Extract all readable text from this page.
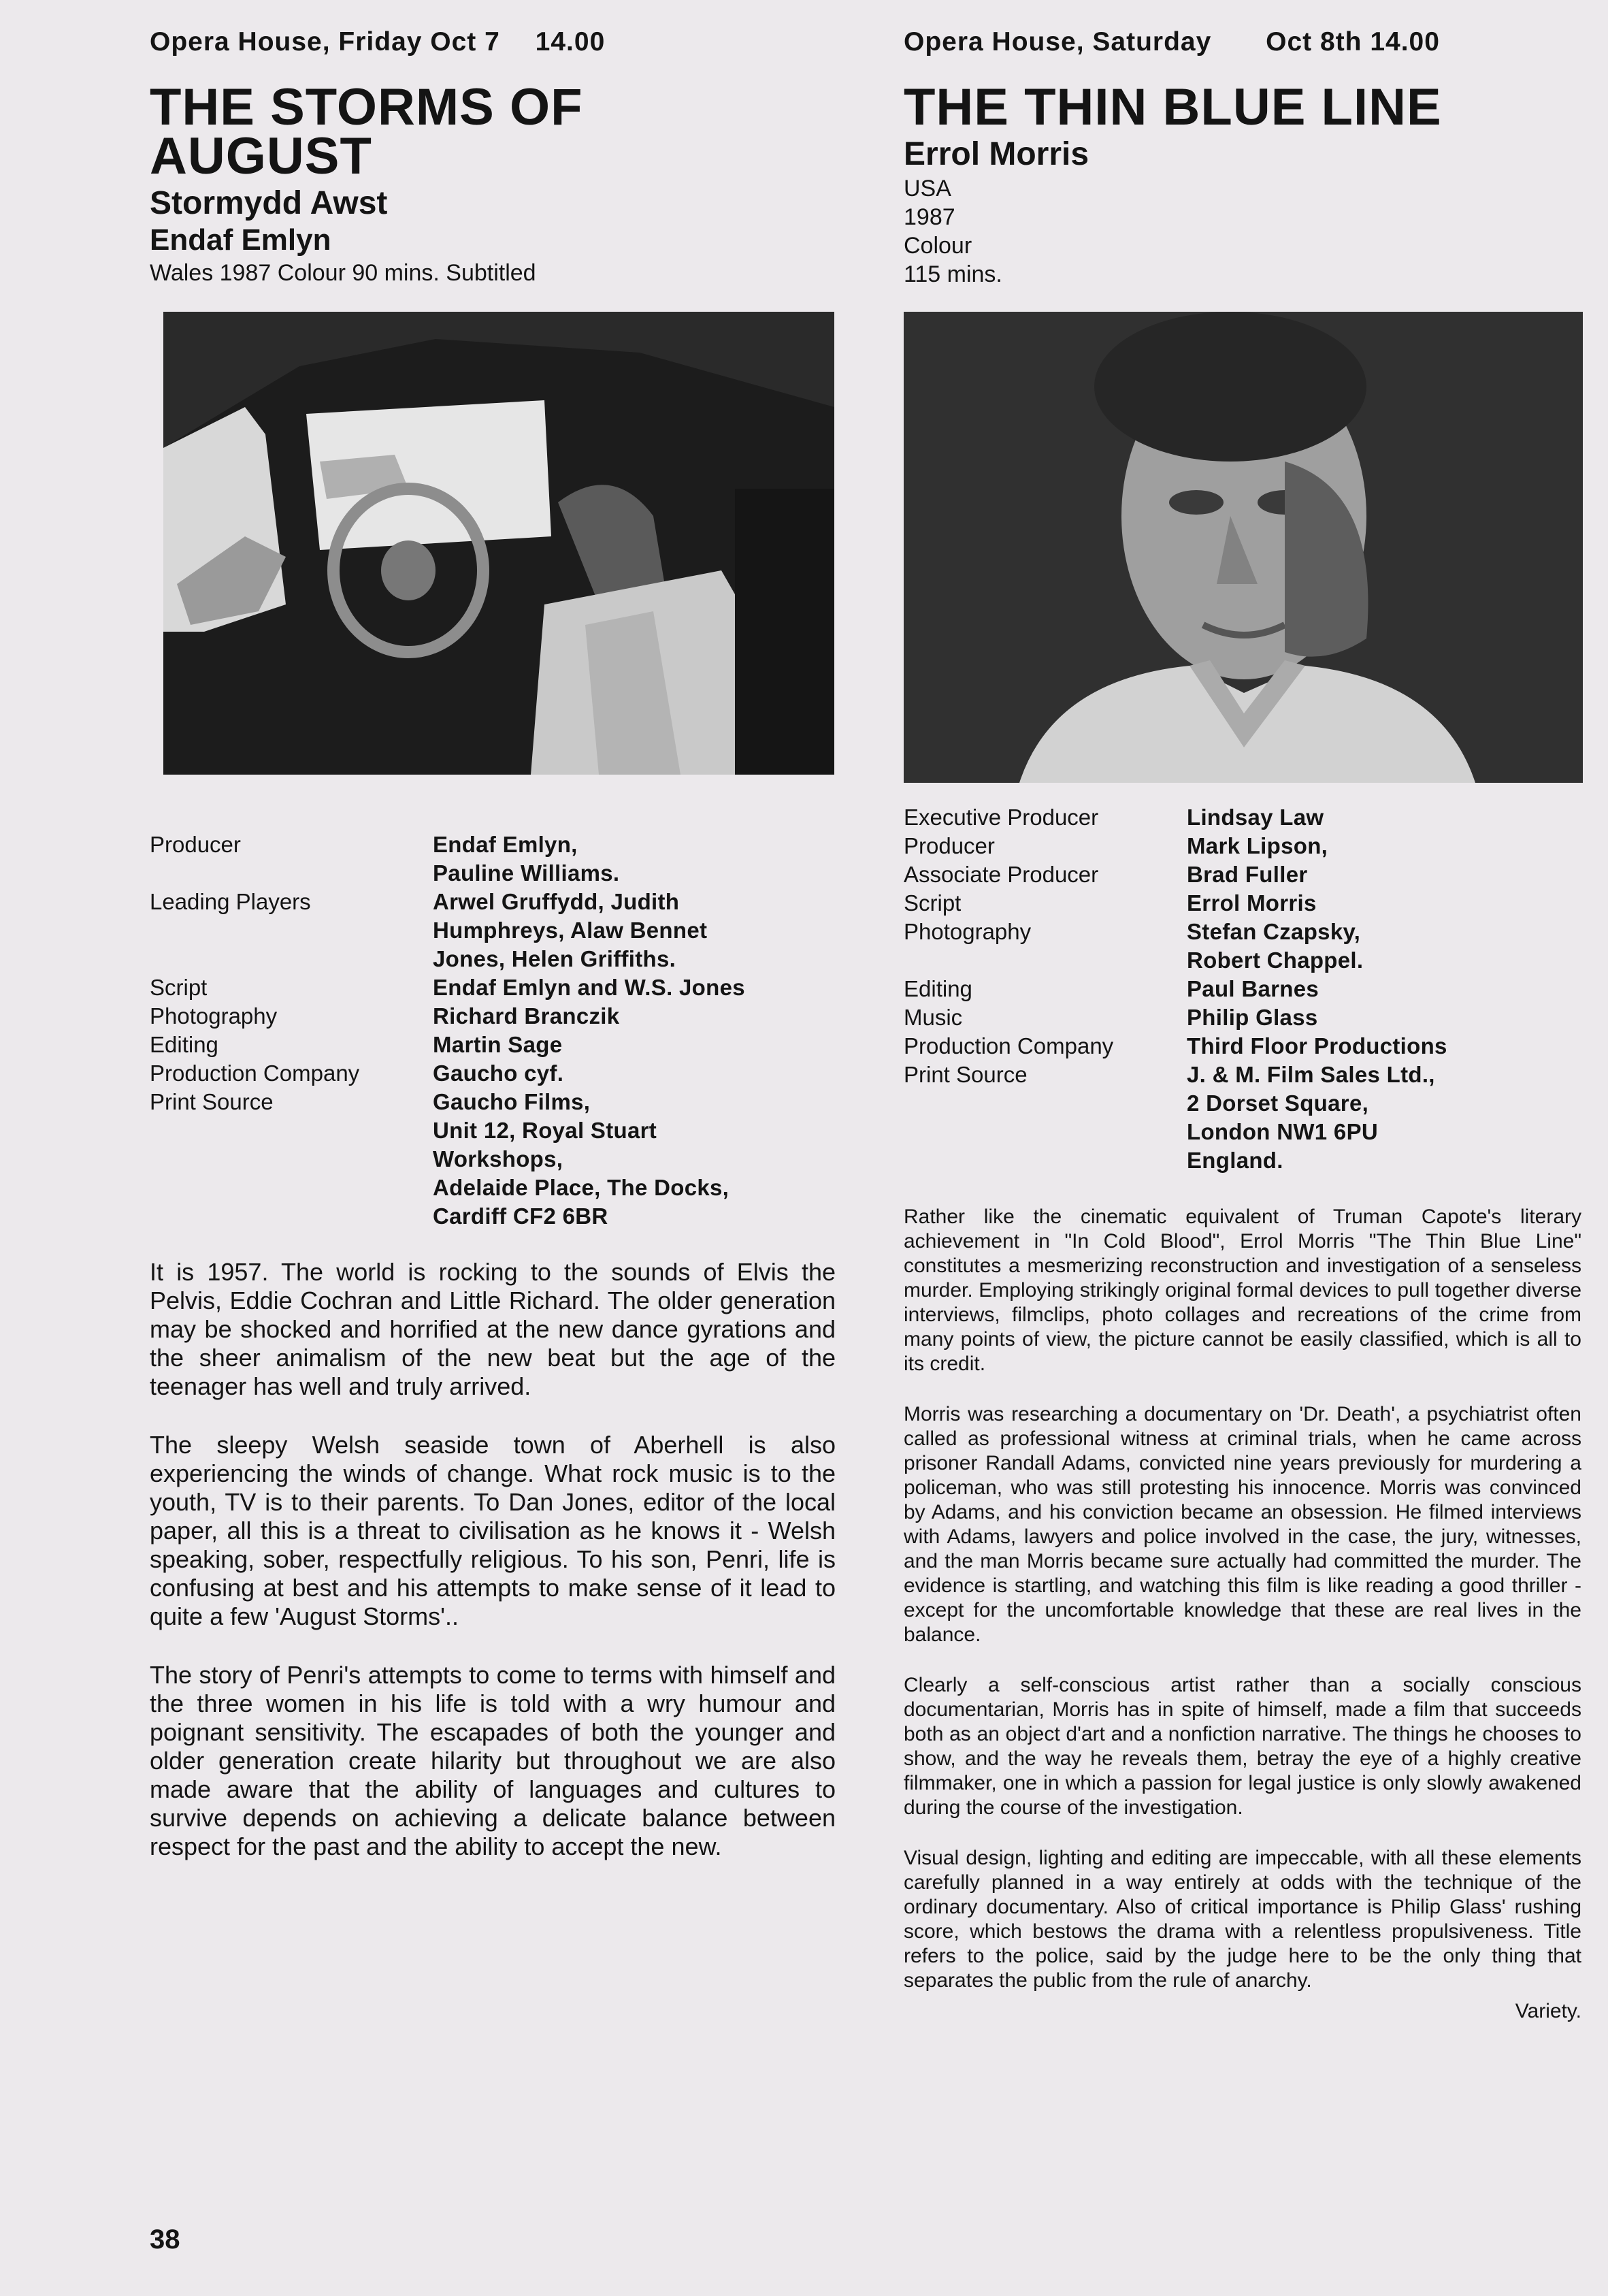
Opera House, Friday Oct 7 14.00
THE STORMS OF
AUGUST
Stormydd Awst
Endaf Emlyn
Wales 1987 Colour 90 mins. Subtitled
Producer	Endaf Emlyn,
Pauline Williams.
Leading Players	Arwel Gruffydd, Judith
Humphreys, Alaw Bennet
Jones, Helen Griffiths.
Script	Endaf Emlyn and W.S. Jones
Photography	Richard Branczik
Editing	Martin Sage
Production Company	Gaucho cyf.
Print Source	Gaucho Films,
Unit 12, Royal Stuart
Workshops,
Adelaide Place, The Docks,
Cardiff CF2 6BR

It is 1957. The world is rocking to the sounds of Elvis the Pelvis, Eddie Cochran and Little Richard. The older generation may be shocked and horrified at the new dance gyrations and the sheer animalism of the new beat but the age of the teenager has well and truly arrived.

The sleepy Welsh seaside town of Aberhell is also experiencing the winds of change. What rock music is to the youth, TV is to their parents. To Dan Jones, editor of the local paper, all this is a threat to civilisation as he knows it - Welsh speaking, sober, respectfully religious. To his son, Penri, life is confusing at best and his attempts to make sense of it lead to quite a few 'August Storms'..

The story of Penri's attempts to come to terms with himself and the three women in his life is told with a wry humour and poignant sensitivity. The escapades of both the younger and older generation create hilarity but throughout we are also made aware that the ability of languages and cultures to survive depends on achieving a delicate balance between respect for the past and the ability to accept the new.

Opera House, Saturday Oct 8th 14.00
THE THIN BLUE LINE
Errol Morris
USA
1987
Colour
115 mins.
Executive Producer	Lindsay Law
Producer	Mark Lipson,
Associate Producer	Brad Fuller
Script	Errol Morris
Photography	Stefan Czapsky,
Robert Chappel.
Editing	Paul Barnes
Music	Philip Glass
Production Company	Third Floor Productions
Print Source	J. & M. Film Sales Ltd.,
2 Dorset Square,
London NW1 6PU
England.

Rather like the cinematic equivalent of Truman Capote's literary achievement in "In Cold Blood", Errol Morris "The Thin Blue Line" constitutes a mesmerizing reconstruction and investigation of a senseless murder. Employing strikingly original formal devices to pull together diverse interviews, filmclips, photo collages and recreations of the crime from many points of view, the picture cannot be easily classified, which is all to its credit.

Morris was researching a documentary on 'Dr. Death', a psychiatrist often called as professional witness at criminal trials, when he came across prisoner Randall Adams, convicted nine years previously for murdering a policeman, who was still protesting his innocence. Morris was convinced by Adams, and his conviction became an obsession. He filmed interviews with Adams, lawyers and police involved in the case, the jury, witnesses, and the man Morris became sure actually had committed the murder. The evidence is startling, and watching this film is like reading a good thriller - except for the uncomfortable knowledge that these are real lives in the balance.

Clearly a self-conscious artist rather than a socially conscious documentarian, Morris has in spite of himself, made a film that succeeds both as an object d'art and a nonfiction narrative. The things he chooses to show, and the way he reveals them, betray the eye of a highly creative filmmaker, one in which a passion for legal justice is only slowly awakened during the course of the investigation.

Visual design, lighting and editing are impeccable, with all these elements carefully planned in a way entirely at odds with the technique of the ordinary documentary. Also of critical importance is Philip Glass' rushing score, which bestows the drama with a relentless propulsiveness. Title refers to the police, said by the judge here to be the only thing that separates the public from the rule of anarchy.

Variety.
38
